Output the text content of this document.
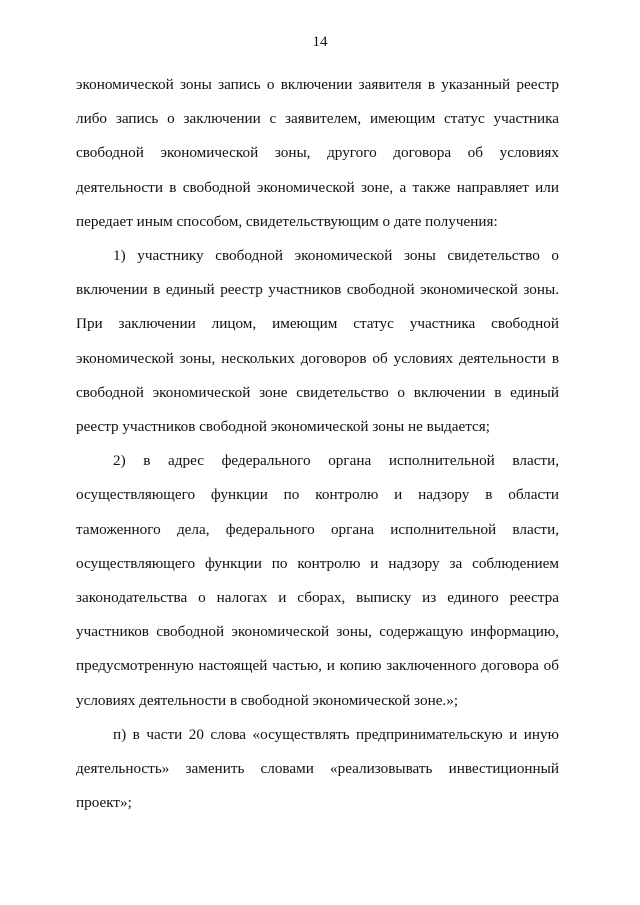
14

экономической зоны запись о включении заявителя в указанный реестр либо запись о заключении с заявителем, имеющим статус участника свободной экономической зоны, другого договора об условиях деятельности в свободной экономической зоне, а также направляет или передает иным способом, свидетельствующим о дате получения:

1) участнику свободной экономической зоны свидетельство о включении в единый реестр участников свободной экономической зоны. При заключении лицом, имеющим статус участника свободной экономической зоны, нескольких договоров об условиях деятельности в свободной экономической зоне свидетельство о включении в единый реестр участников свободной экономической зоны не выдается;

2) в адрес федерального органа исполнительной власти, осуществляющего функции по контролю и надзору в области таможенного дела, федерального органа исполнительной власти, осуществляющего функции по контролю и надзору за соблюдением законодательства о налогах и сборах, выписку из единого реестра участников свободной экономической зоны, содержащую информацию, предусмотренную настоящей частью, и копию заключенного договора об условиях деятельности в свободной экономической зоне.»;

п) в части 20 слова «осуществлять предпринимательскую и иную деятельность» заменить словами «реализовывать инвестиционный проект»;
